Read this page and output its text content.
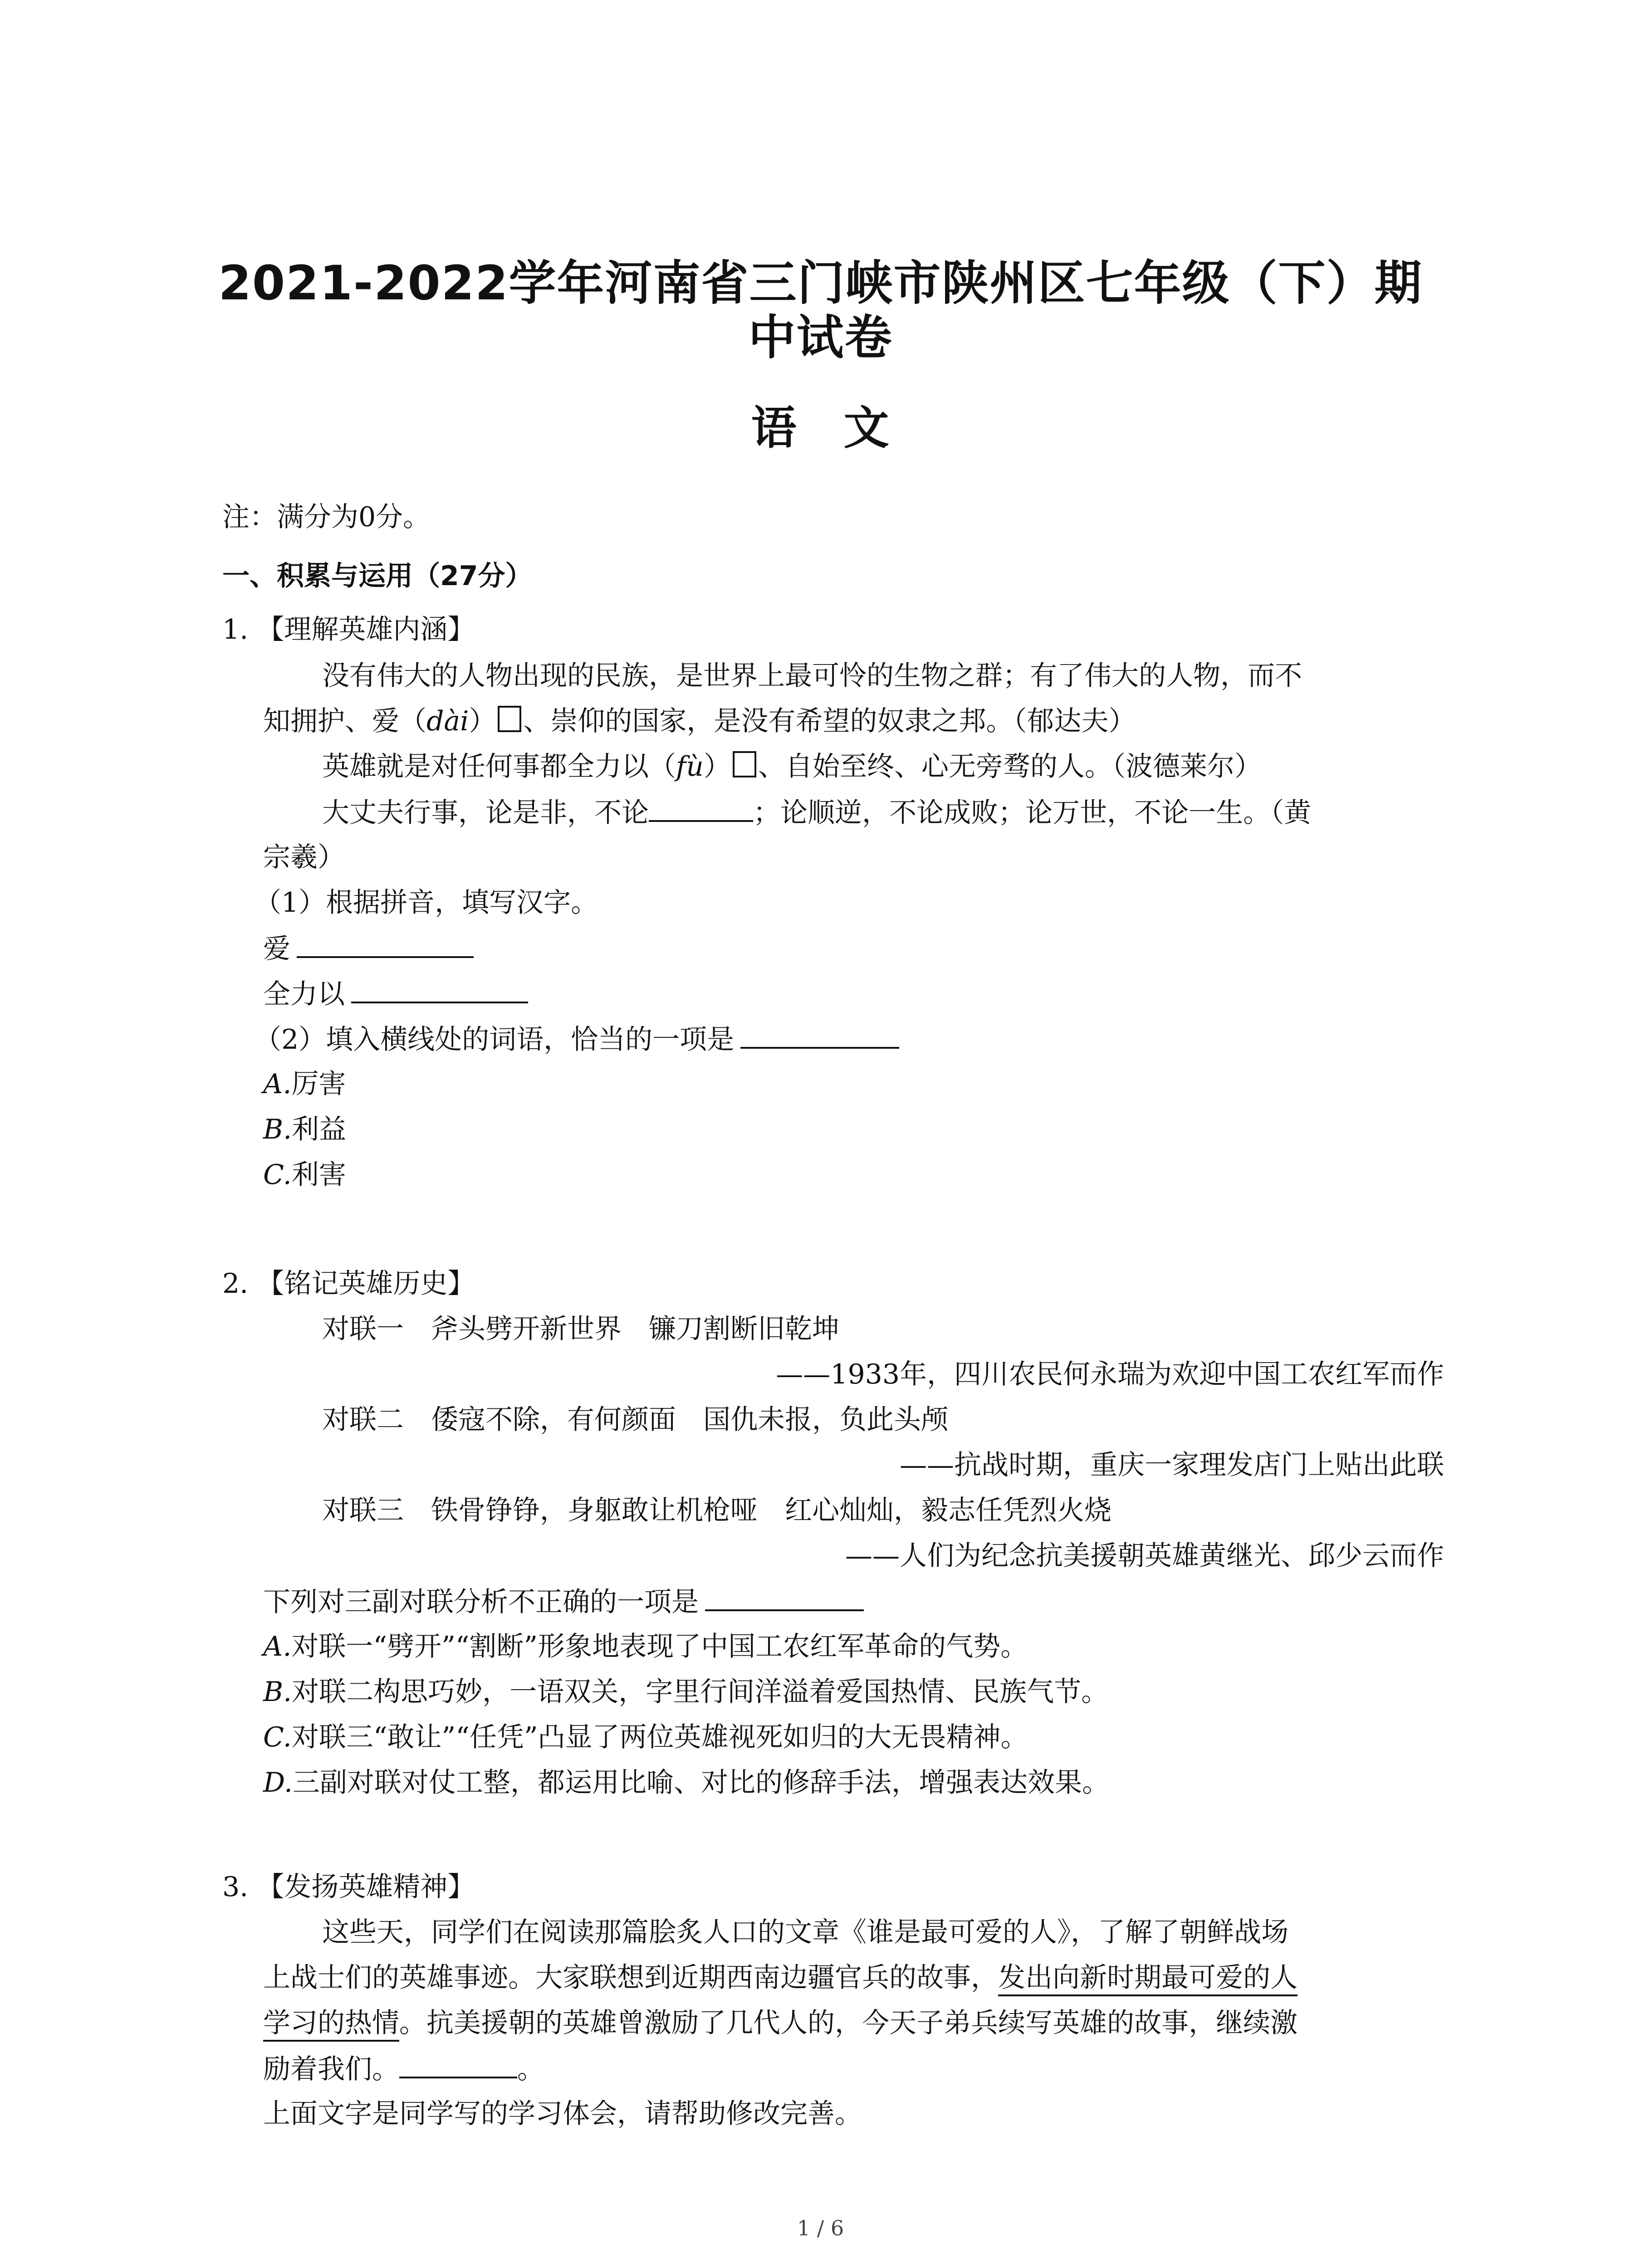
2021-2022学年河南省三门峡市陕州区七年级（下）期
中试卷
语　文
注：满分为0分。
一、积累与运用（27分）
1. 【理解英雄内涵】
没有伟大的人物出现的民族，是世界上最可怜的生物之群；有了伟大的人物，而不
知拥护、爱（dài） 、崇仰的国家，是没有希望的奴隶之邦。（郁达夫）
英雄就是对任何事都全力以（fù） 、自始至终、心无旁骛的人。（波德莱尔）
大丈夫行事，论是非，不论	；论顺逆，不论成败；论万世，不论一生。（黄
宗羲）
（1）根据拼音，填写汉字。
爱
全力以
（2）填入横线处的词语，恰当的一项是
A.厉害
B.利益
C.利害
2. 【铭记英雄历史】
对联一　斧头劈开新世界　镰刀割断旧乾坤
——1933年，四川农民何永瑞为欢迎中国工农红军而作
对联二　倭寇不除，有何颜面　国仇未报，负此头颅
——抗战时期，重庆一家理发店门上贴出此联
对联三　铁骨铮铮，身躯敢让机枪哑　红心灿灿，毅志任凭烈火烧
——人们为纪念抗美援朝英雄黄继光、邱少云而作
下列对三副对联分析不正确的一项是
A.对联一“劈开”“割断”形象地表现了中国工农红军革命的气势。
B.对联二构思巧妙，一语双关，字里行间洋溢着爱国热情、民族气节。
C.对联三“敢让”“任凭”凸显了两位英雄视死如归的大无畏精神。
D.三副对联对仗工整，都运用比喻、对比的修辞手法，增强表达效果。
3. 【发扬英雄精神】
这些天，同学们在阅读那篇脍炙人口的文章《谁是最可爱的人》，了解了朝鲜战场
上战士们的英雄事迹。大家联想到近期西南边疆官兵的故事，发出向新时期最可爱的人
学习的热情。抗美援朝的英雄曾激励了几代人的，今天子弟兵续写英雄的故事，继续激
励着我们。	。
上面文字是同学写的学习体会，请帮助修改完善。
1 / 6
